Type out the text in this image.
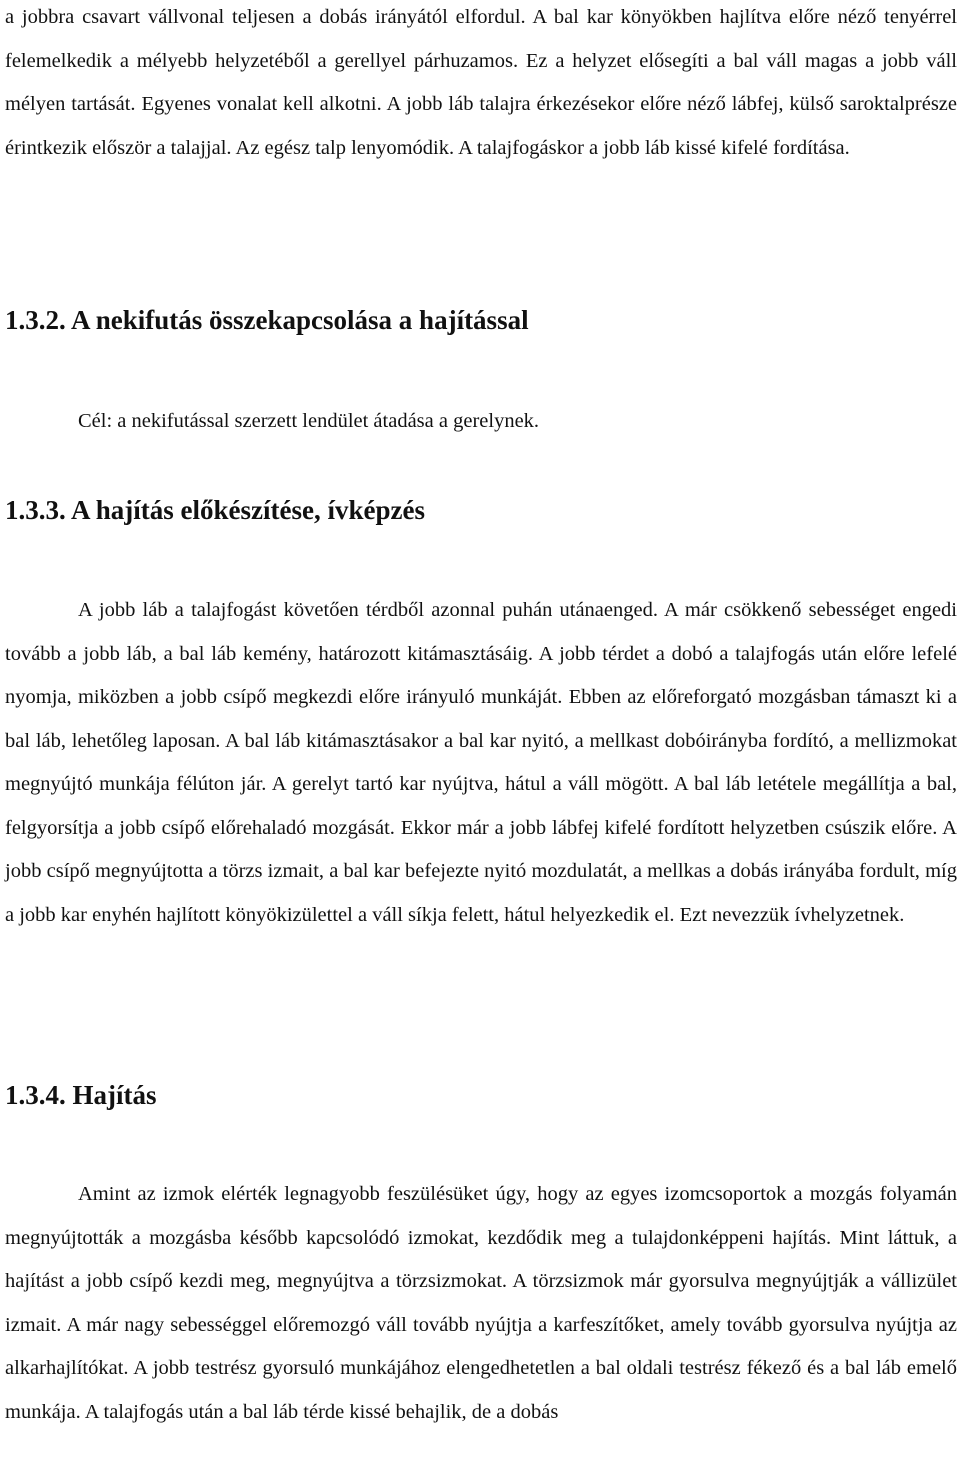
a jobbra csavart vállvonal teljesen a dobás irányától elfordul. A bal kar könyökben hajlítva előre néző tenyérrel felemelkedik a mélyebb helyzetéből a gerellyel párhuzamos. Ez a helyzet elősegíti a bal váll magas a jobb váll mélyen tartását. Egyenes vonalat kell alkotni. A jobb láb talajra érkezésekor előre néző lábfej, külső saroktalprésze érintkezik először a talajjal. Az egész talp lenyomódik. A talajfogáskor a jobb láb kissé kifelé fordítása.

1.3.2. A nekifutás összekapcsolása a hajítással

Cél: a nekifutással szerzett lendület átadása a gerelynek.

1.3.3. A hajítás előkészítése, ívképzés

A jobb láb a talajfogást követően térdből azonnal puhán utánaenged. A már csökkenő sebességet engedi tovább a jobb láb, a bal láb kemény, határozott kitámasztásáig. A jobb térdet a dobó a talajfogás után előre lefelé nyomja, miközben a jobb csípő megkezdi előre irányuló munkáját. Ebben az előreforgató mozgásban támaszt ki a bal láb, lehetőleg laposan. A bal láb kitámasztásakor a bal kar nyitó, a mellkast dobóirányba fordító, a mellizmokat megnyújtó munkája félúton jár. A gerelyt tartó kar nyújtva, hátul a váll mögött. A bal láb letétele megállítja a bal, felgyorsítja a jobb csípő előrehaladó mozgását. Ekkor már a jobb lábfej kifelé fordított helyzetben csúszik előre. A jobb csípő megnyújtotta a törzs izmait, a bal kar befejezte nyitó mozdulatát, a mellkas a dobás irányába fordult, míg a jobb kar enyhén hajlított könyökizülettel a váll síkja felett, hátul helyezkedik el. Ezt nevezzük ívhelyzetnek.

1.3.4. Hajítás

Amint az izmok elérték legnagyobb feszülésüket úgy, hogy az egyes izomcsoportok a mozgás folyamán megnyújtották a mozgásba később kapcsolódó izmokat, kezdődik meg a tulajdonképpeni hajítás. Mint láttuk, a hajítást a jobb csípő kezdi meg, megnyújtva a törzsizmokat. A törzsizmok már gyorsulva megnyújtják a vállizület izmait. A már nagy sebességgel előremozgó váll tovább nyújtja a karfeszítőket, amely tovább gyorsulva nyújtja az alkarhajlítókat. A jobb testrész gyorsuló munkájához elengedhetetlen a bal oldali testrész fékező és a bal láb emelő munkája. A talajfogás után a bal láb térde kissé behajlik, de a dobás
